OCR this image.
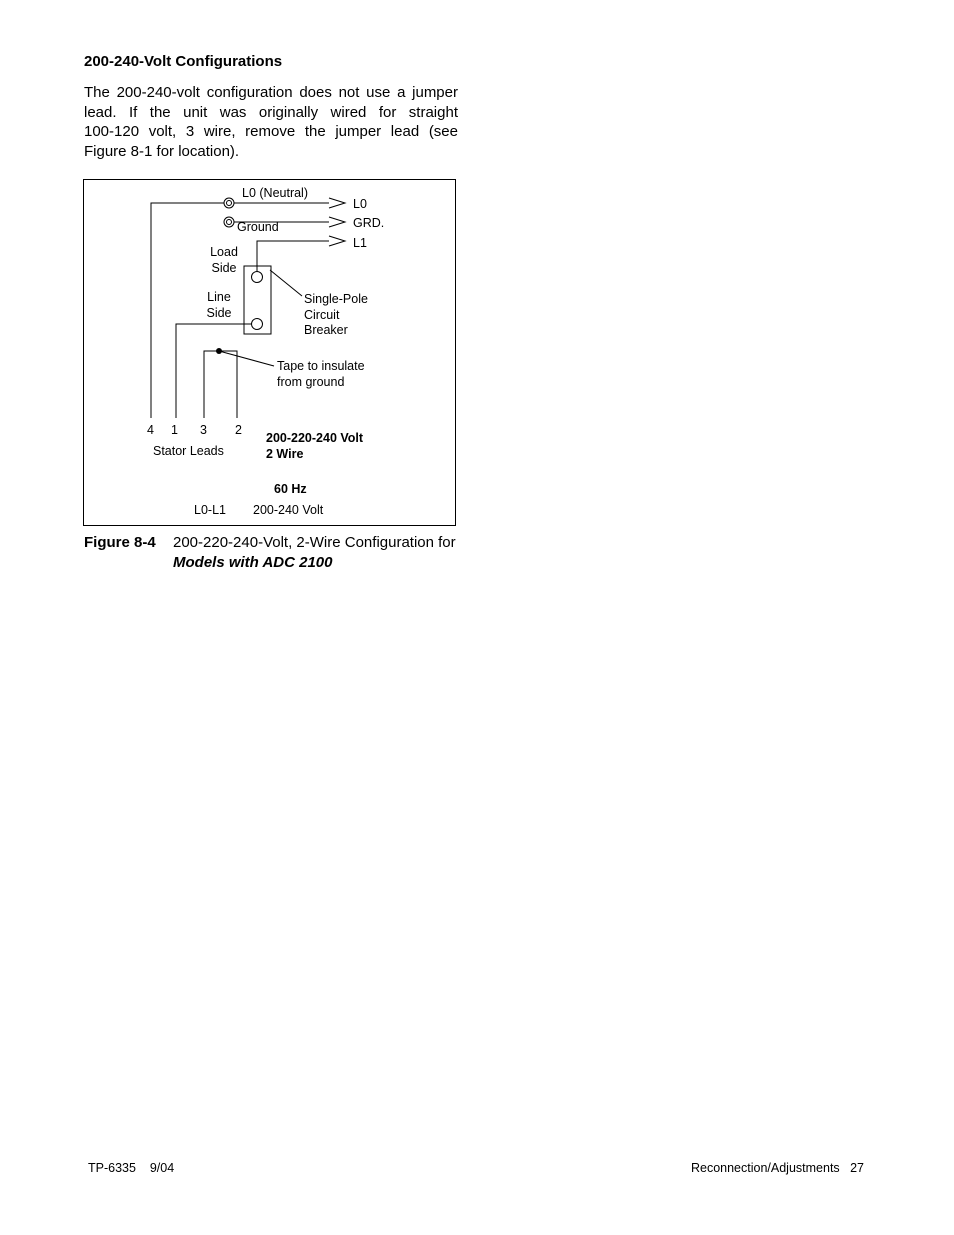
200-240-Volt Configurations
The 200-240-volt configuration does not use a jumper
lead. If the unit was originally wired for straight
100-120 volt, 3 wire, remove the jumper lead (see
Figure 8-1 for location).
L0 (Neutral)
Ground
L0
GRD.
L1
Load
Side
Line
Side
Single-Pole
Circuit
Breaker
Tape to insulate
from ground
4 1 3 2
Stator Leads
200-220-240 Volt
2 Wire
60 Hz
L0-L1 200-240 Volt
Figure 8-4 200-220-240-Volt, 2-Wire Configuration for Models with ADC 2100
TP-6335    9/04	Reconnection/Adjustments   27
